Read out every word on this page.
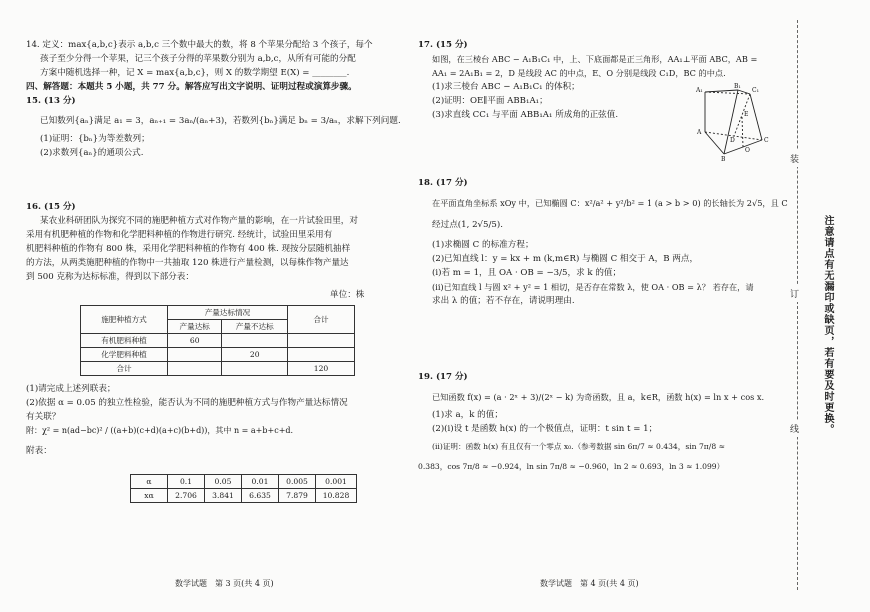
14. 定义：max{a,b,c}表示 a,b,c 三个数中最大的数，将 8 个苹果分配给 3 个孩子，每个
孩子至少分得一个苹果，记三个孩子分得的苹果数分别为 a,b,c，从所有可能的分配
方案中随机选择一种，记 X = max{a,b,c}，则 X 的数学期望 E(X) = ________.
四、解答题：本题共 5 小题，共 77 分。解答应写出文字说明、证明过程或演算步骤。
15. (13 分)
已知数列{aₙ}满足 a₁ = 3，aₙ₊₁ = 3aₙ/(aₙ+3)，若数列{bₙ}满足 bₙ = 3/aₙ，求解下列问题.
(1)证明：{bₙ}为等差数列；
(2)求数列{aₙ}的通项公式.
16. (15 分)
某农业科研团队为探究不同的施肥种植方式对作物产量的影响，在一片试验田里，对
采用有机肥种植的作物和化学肥料种植的作物进行研究. 经统计，试验田里采用有
机肥料种植的作物有 800 株，采用化学肥料种植的作物有 400 株. 现按分层随机抽样
的方法，从两类施肥种植的作物中一共抽取 120 株进行产量检测，以每株作物产量达
到 500 克称为达标标准，得到以下部分表：
单位：株
施肥种植方式	产量达标情况		合计
	产量达标	产量不达标	
有机肥料种植	60		
化学肥料种植		20	
合计			120
(1)请完成上述列联表；
(2)依据 α = 0.05 的独立性检验，能否认为不同的施肥种植方式与作物产量达标情况
有关联？
附：χ² = n(ad−bc)² / ((a+b)(c+d)(a+c)(b+d))，其中 n = a+b+c+d.
附表：
α	0.1	0.05	0.01	0.005	0.001
xα	2.706	3.841	6.635	7.879	10.828
数学试题　第 3 页(共 4 页)
17. (15 分)
如图，在三棱台 ABC − A₁B₁C₁ 中，上、下底面都是正三角形，AA₁⊥平面 ABC，AB =
AA₁ = 2A₁B₁ = 2，D 是线段 AC 的中点，E、O 分别是线段 C₁D，BC 的中点.
(1)求三棱台 ABC − A₁B₁C₁ 的体积；
(2)证明：OE∥平面 ABB₁A₁；
(3)求直线 CC₁ 与平面 ABB₁A₁ 所成角的正弦值.
A₁
B₁
C₁
E
A
D
O
B
C
18. (17 分)
在平面直角坐标系 xOy 中，已知椭圆 C：x²/a² + y²/b² = 1 (a > b > 0) 的长轴长为 2√5，且 C
经过点(1, 2√5/5).
(1)求椭圆 C 的标准方程；
(2)已知直线 l：y = kx + m (k,m∈R) 与椭圆 C 相交于 A，B 两点，
(ⅰ)若 m = 1，且 OA · OB = −3/5，求 k 的值；
(ⅱ)已知直线 l 与圆 x² + y² = 1 相切，是否存在常数 λ，使 OA · OB = λ？ 若存在，请
求出 λ 的值；若不存在，请说明理由.
19. (17 分)
已知函数 f(x) = (a · 2ˣ + 3)/(2ˣ − k) 为奇函数，且 a，k∈R，函数 h(x) = ln x + cos x.
(1)求 a，k 的值；
(2)(ⅰ)设 t 是函数 h(x) 的一个极值点，证明：t sin t = 1；
(ⅱ)证明：函数 h(x) 有且仅有一个零点 x₀.（参考数据 sin 6π/7 ≈ 0.434，sin 7π/8 ≈
0.383，cos 7π/8 ≈ −0.924，ln sin 7π/8 ≈ −0.960，ln 2 ≈ 0.693，ln 3 ≈ 1.099）
数学试题　第 4 页(共 4 页)
装
订
线 注意请点有无漏印或缺页，若有要及时更换。
